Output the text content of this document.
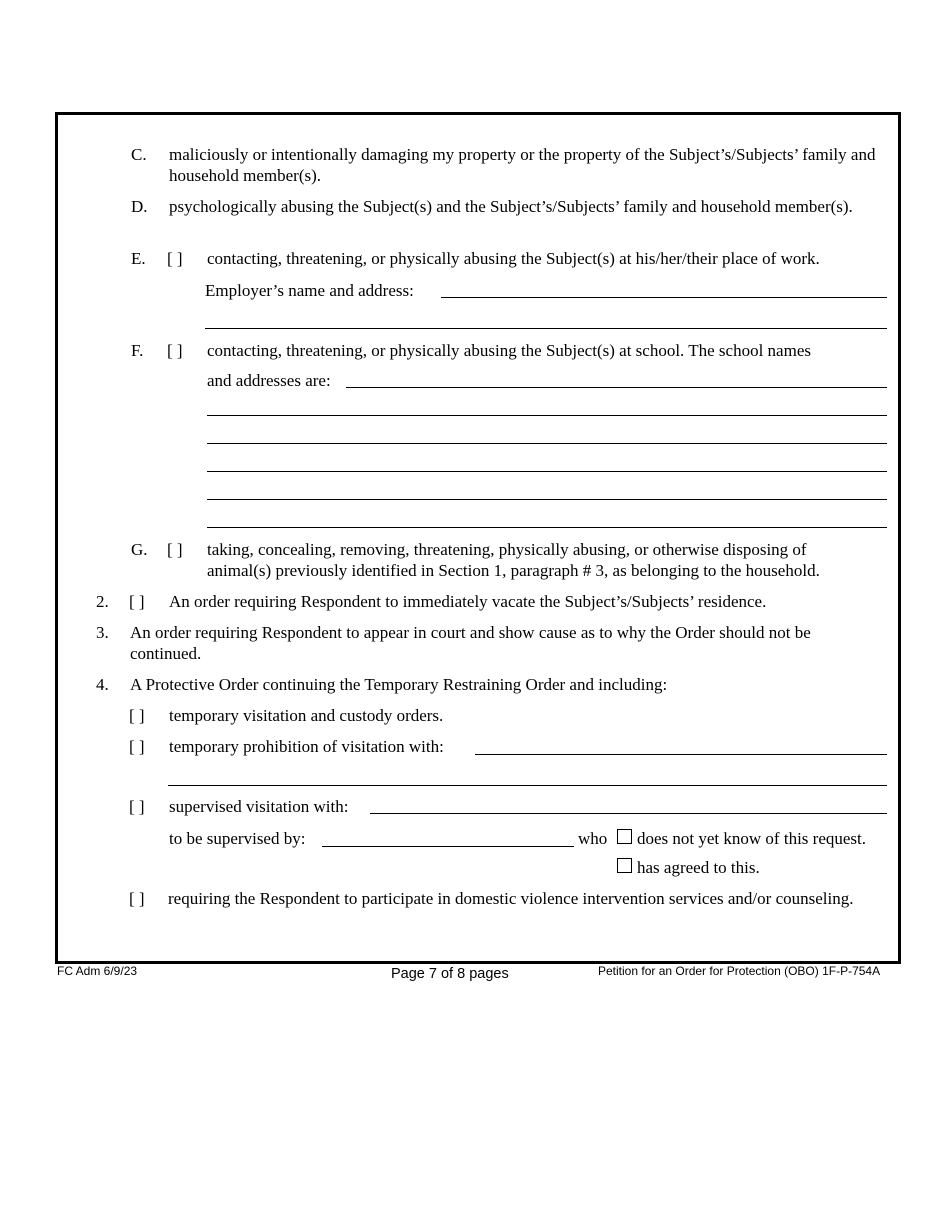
C. maliciously or intentionally damaging my property or the property of the Subject’s/Subjects’ family and household member(s).
D. psychologically abusing the Subject(s) and the Subject’s/Subjects’ family and household member(s).
E. [ ] contacting, threatening, or physically abusing the Subject(s) at his/her/their place of work.
Employer’s name and address:
F. [ ] contacting, threatening, or physically abusing the Subject(s) at school. The school names
and addresses are:
G. [ ] taking, concealing, removing, threatening, physically abusing, or otherwise disposing of
animal(s) previously identified in Section 1, paragraph # 3, as belonging to the household.
2. [ ] An order requiring Respondent to immediately vacate the Subject’s/Subjects’ residence.
3. An order requiring Respondent to appear in court and show cause as to why the Order should not be continued.
4. A Protective Order continuing the Temporary Restraining Order and including:
[ ] temporary visitation and custody orders.
[ ] temporary prohibition of visitation with:
[ ] supervised visitation with:
to be supervised by:	who does not yet know of this request.
has agreed to this.
[ ] requiring the Respondent to participate in domestic violence intervention services and/or counseling.
FC Adm 6/9/23	Page 7 of 8 pages	Petition for an Order for Protection (OBO) 1F-P-754A
